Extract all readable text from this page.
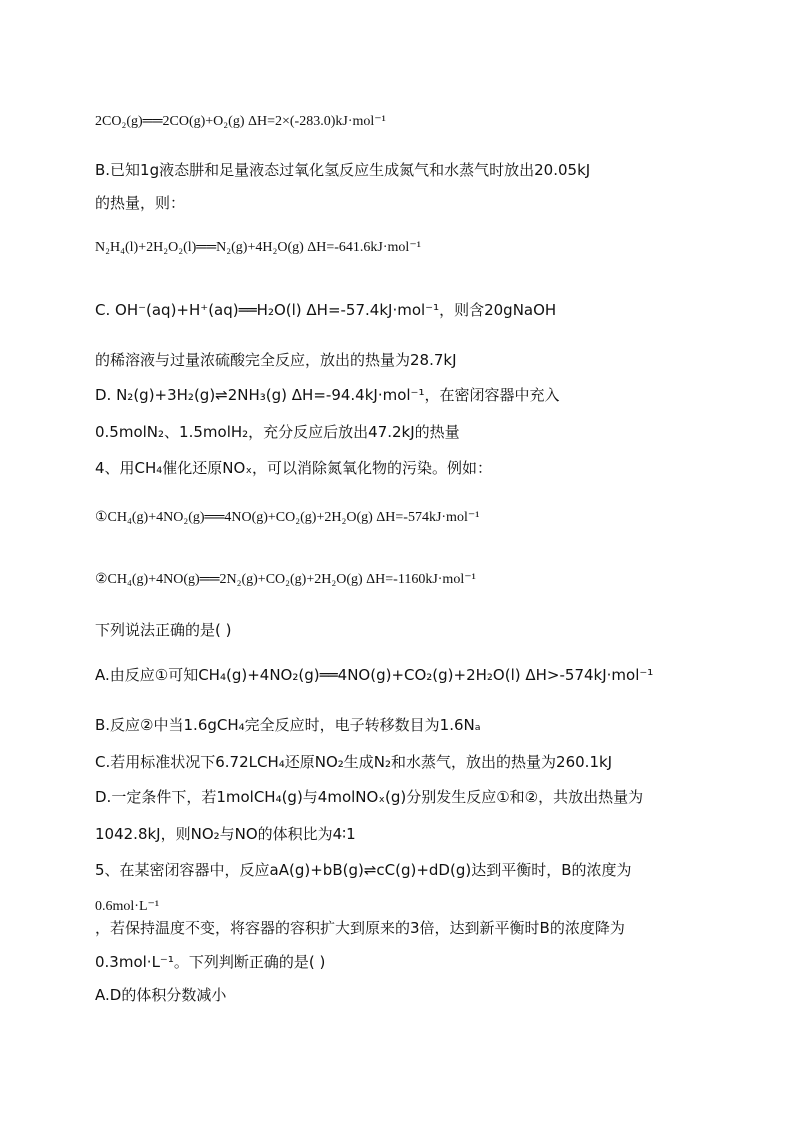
2CO₂(g)══2CO(g)+O₂(g) ΔH=2×(-283.0)kJ·mol⁻¹
B.已知1g液态肼和足量液态过氧化氢反应生成氮气和水蒸气时放出20.05kJ
的热量，则：
N₂H₄(l)+2H₂O₂(l)══N₂(g)+4H₂O(g) ΔH=-641.6kJ·mol⁻¹
C. OH⁻(aq)+H⁺(aq)══H₂O(l) ΔH=-57.4kJ·mol⁻¹，则含20gNaOH
的稀溶液与过量浓硫酸完全反应，放出的热量为28.7kJ
D. N₂(g)+3H₂(g)⇌2NH₃(g) ΔH=-94.4kJ·mol⁻¹，在密闭容器中充入
0.5molN₂、1.5molH₂，充分反应后放出47.2kJ的热量
4、用CH₄催化还原NOₓ，可以消除氮氧化物的污染。例如：
①CH₄(g)+4NO₂(g)══4NO(g)+CO₂(g)+2H₂O(g) ΔH=-574kJ·mol⁻¹
②CH₄(g)+4NO(g)══2N₂(g)+CO₂(g)+2H₂O(g) ΔH=-1160kJ·mol⁻¹
下列说法正确的是( )
A.由反应①可知CH₄(g)+4NO₂(g)══4NO(g)+CO₂(g)+2H₂O(l) ΔH>-574kJ·mol⁻¹
B.反应②中当1.6gCH₄完全反应时，电子转移数目为1.6Nₐ
C.若用标准状况下6.72LCH₄还原NO₂生成N₂和水蒸气，放出的热量为260.1kJ
D.一定条件下，若1molCH₄(g)与4molNOₓ(g)分别发生反应①和②，共放出热量为
1042.8kJ，则NO₂与NO的体积比为4∶1
5、在某密闭容器中，反应aA(g)+bB(g)⇌cC(g)+dD(g)达到平衡时，B的浓度为
0.6mol·L⁻¹
，若保持温度不变，将容器的容积扩大到原来的3倍，达到新平衡时B的浓度降为
0.3mol·L⁻¹。下列判断正确的是( )
A.D的体积分数减小
